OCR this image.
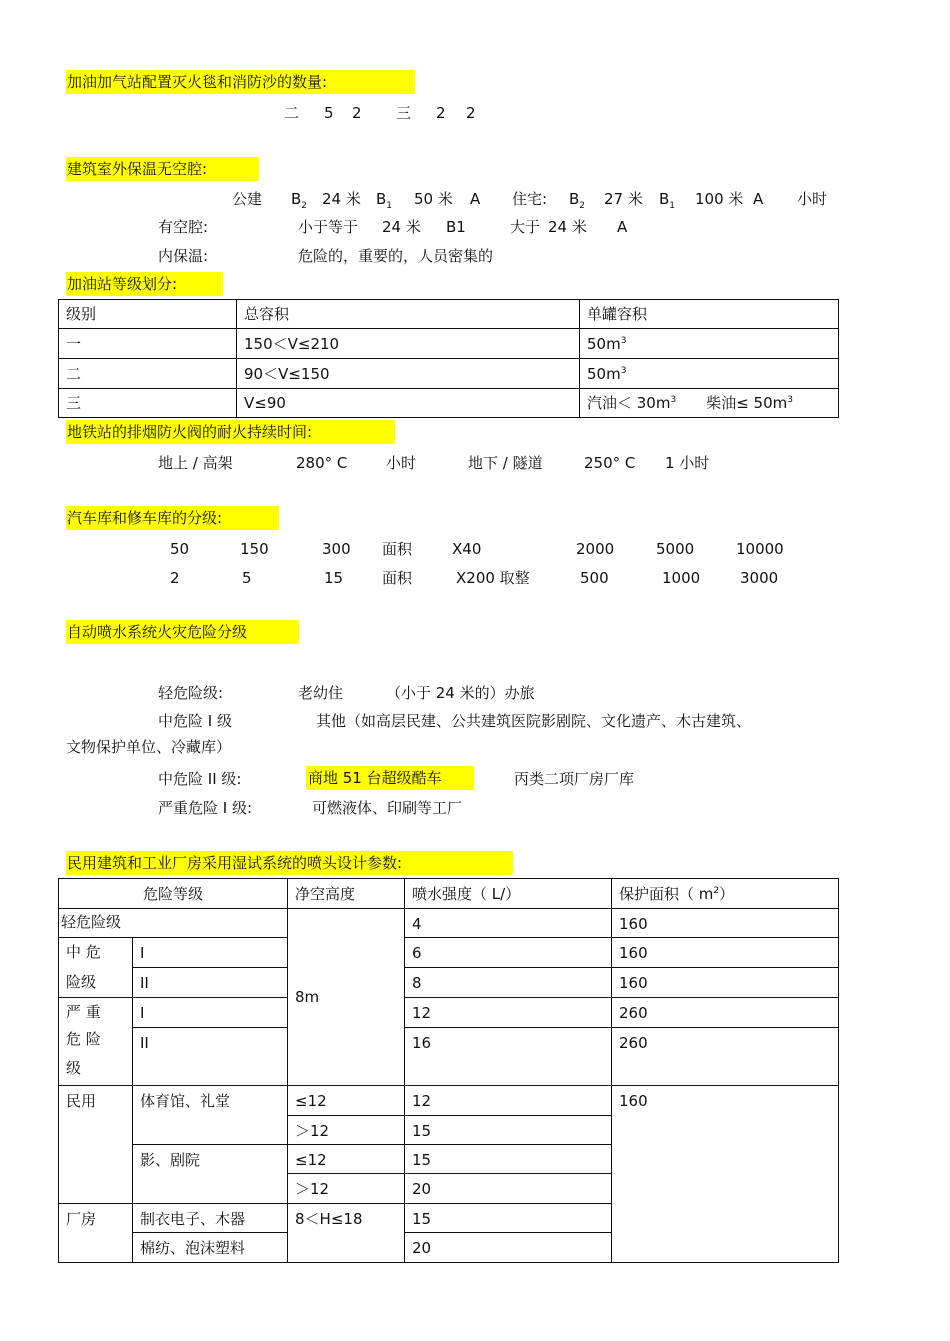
加油加气站配置灭火毯和消防沙的数量:
二 5 2 三 2 2
建筑室外保温无空腔:
公建 $B_2$ 24 米 $B_1$ 50 米 A 住宅: $B_2$ 27 米 $B_1$ 100 米 A 小时
有空腔:	小于等于 24 米 B1	大于 24 米 A
内保温:	危险的，重要的，人员密集的
加油站等级划分:
级别	总容积	单罐容积
一	150＜V≤210	$50m^3$
二	90＜V≤150	$50m^3$
三	V≤90	汽油＜ $30m^3$ 柴油≤ $50m^3$
地铁站的排烟防火阀的耐火持续时间:
地上 / 高架	280° C	小时	地下 / 隧道	250° C 1 小时
汽车库和修车库的分级:
50	150	300 面积	X40	2000	5000	10000
2	5	15	面积	X200 取整	500	1000	3000
自动喷水系统火灾危险分级
轻危险级:	老幼住	（小于 24 米的）办旅
中危险 I 级	其他（如高层民建、公共建筑医院影剧院、文化遗产、木古建筑、
文物保护单位、冷藏库）
中危险 II 级:	商地 51 台超级酷车	丙类二项厂房厂库
严重危险 I 级:	可燃液体、印刷等工厂
民用建筑和工业厂房采用湿试系统的喷头设计参数:
危险等级		净空高度	喷水强度（ L/）	保护面积（ $m^2$）
轻危险级		8m	4	160

中 危
险级	I		6	160
	II		8	160

严 重
危 险
级	I		12	260
	II		16	260
民用	体育馆、礼堂	≤12	12	160
		＞12	15	
	影、剧院	≤12	15	
		＞12	20	
厂房	制衣电子、木器	8＜H≤18	15	
	棉纺、泡沫塑料		20	
